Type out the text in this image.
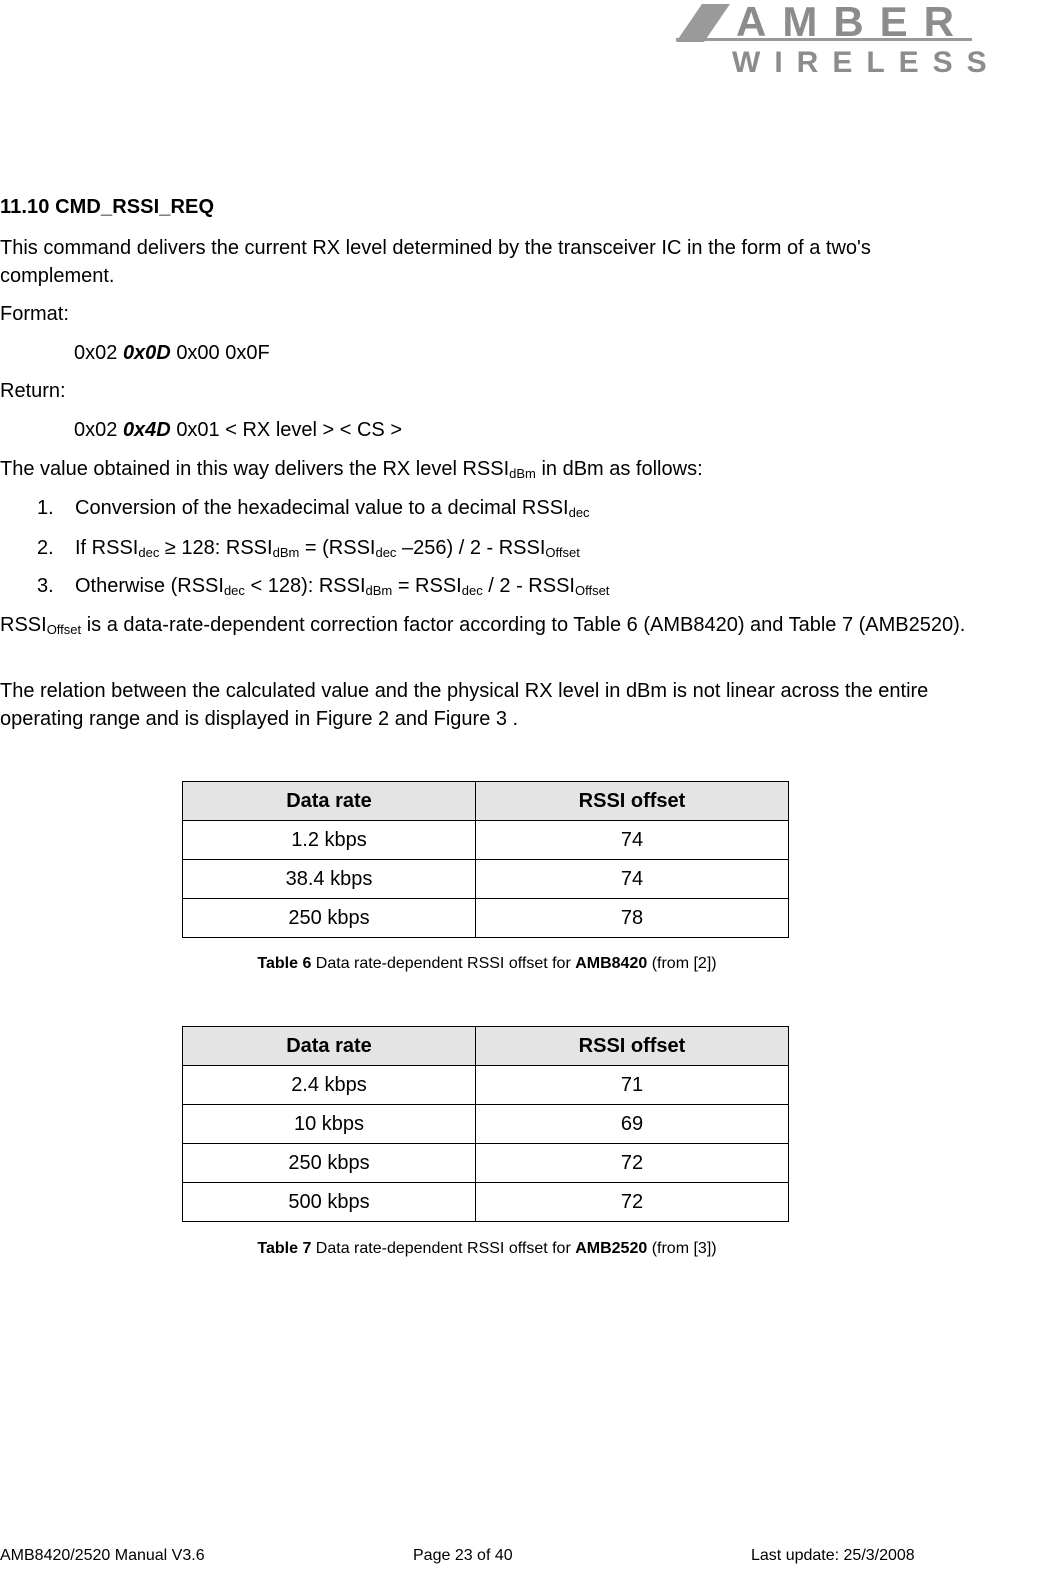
AMBER
WIRELESS
11.10 CMD_RSSI_REQ
This command delivers the current RX level determined by the transceiver IC in the form of a two's complement.
Format:
0x02 0x0D 0x00 0x0F
Return:
0x02 0x4D 0x01 < RX level > < CS >
The value obtained in this way delivers the RX level $RSSI_{dBm}$ in dBm as follows:
1. Conversion of the hexadecimal value to a decimal $RSSI_{dec}$
2. If $RSSI_{dec} \ge 128$: $RSSI_{dBm}$ = ($RSSI_{dec}$ $-256) / 2 - RSSI_{Offset}$
3. Otherwise $(RSSI_{dec} < 128)$: $RSSI_{dBm}$ = $RSSI_{dec} / 2$ - $RSSI_{Offset}$
$RSSI_{Offset}$ is a data-rate-dependent correction factor according to Table 6 (AMB8420) and Table 7 (AMB2520).
The relation between the calculated value and the physical RX level in dBm is not linear across the entire operating range and is displayed in Figure 2 and Figure 3 .
Data rate	RSSI offset
1.2 kbps	74
38.4 kbps	74
250 kbps	78
Table 6 Data rate-dependent RSSI offset for AMB8420 (from [2])
Data rate	RSSI offset
2.4 kbps	71
10 kbps	69
250 kbps	72
500 kbps	72
Table 7 Data rate-dependent RSSI offset for AMB2520 (from [3])
AMB8420/2520 Manual V3.6	Page 23 of 40	Last update: 25/3/2008
